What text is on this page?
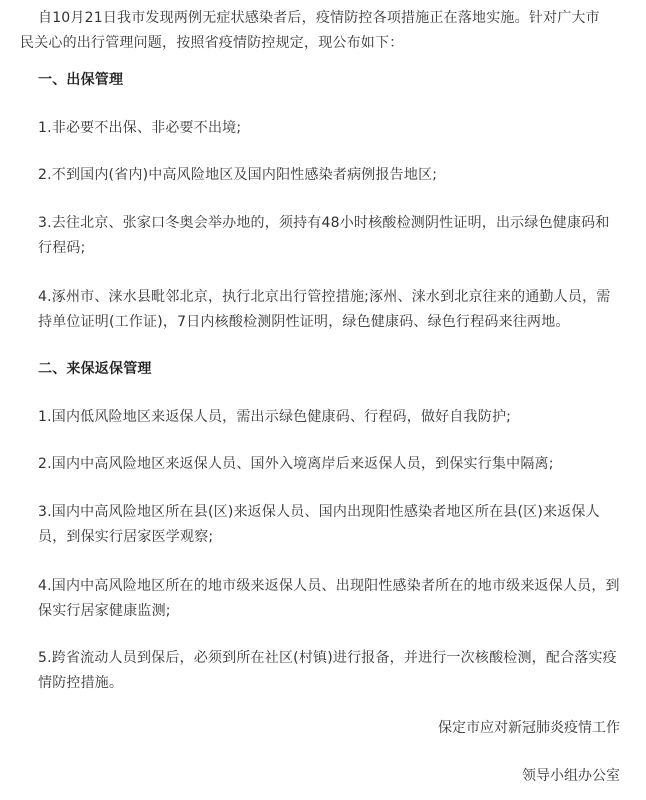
自10月21日我市发现两例无症状感染者后，疫情防控各项措施正在落地实施。针对广大市民关心的出行管理问题，按照省疫情防控规定，现公布如下：

一、出保管理

1.非必要不出保、非必要不出境;

2.不到国内(省内)中高风险地区及国内阳性感染者病例报告地区;

3.去往北京、张家口冬奥会举办地的，须持有48小时核酸检测阴性证明，出示绿色健康码和行程码;

4.涿州市、涞水县毗邻北京，执行北京出行管控措施;涿州、涞水到北京往来的通勤人员，需持单位证明(工作证)，7日内核酸检测阴性证明，绿色健康码、绿色行程码来往两地。

二、来保返保管理

1.国内低风险地区来返保人员，需出示绿色健康码、行程码，做好自我防护;

2.国内中高风险地区来返保人员、国外入境离岸后来返保人员，到保实行集中隔离;

3.国内中高风险地区所在县(区)来返保人员、国内出现阳性感染者地区所在县(区)来返保人员，到保实行居家医学观察;

4.国内中高风险地区所在的地市级来返保人员、出现阳性感染者所在的地市级来返保人员，到保实行居家健康监测;

5.跨省流动人员到保后，必须到所在社区(村镇)进行报备，并进行一次核酸检测，配合落实疫情防控措施。

保定市应对新冠肺炎疫情工作

领导小组办公室
